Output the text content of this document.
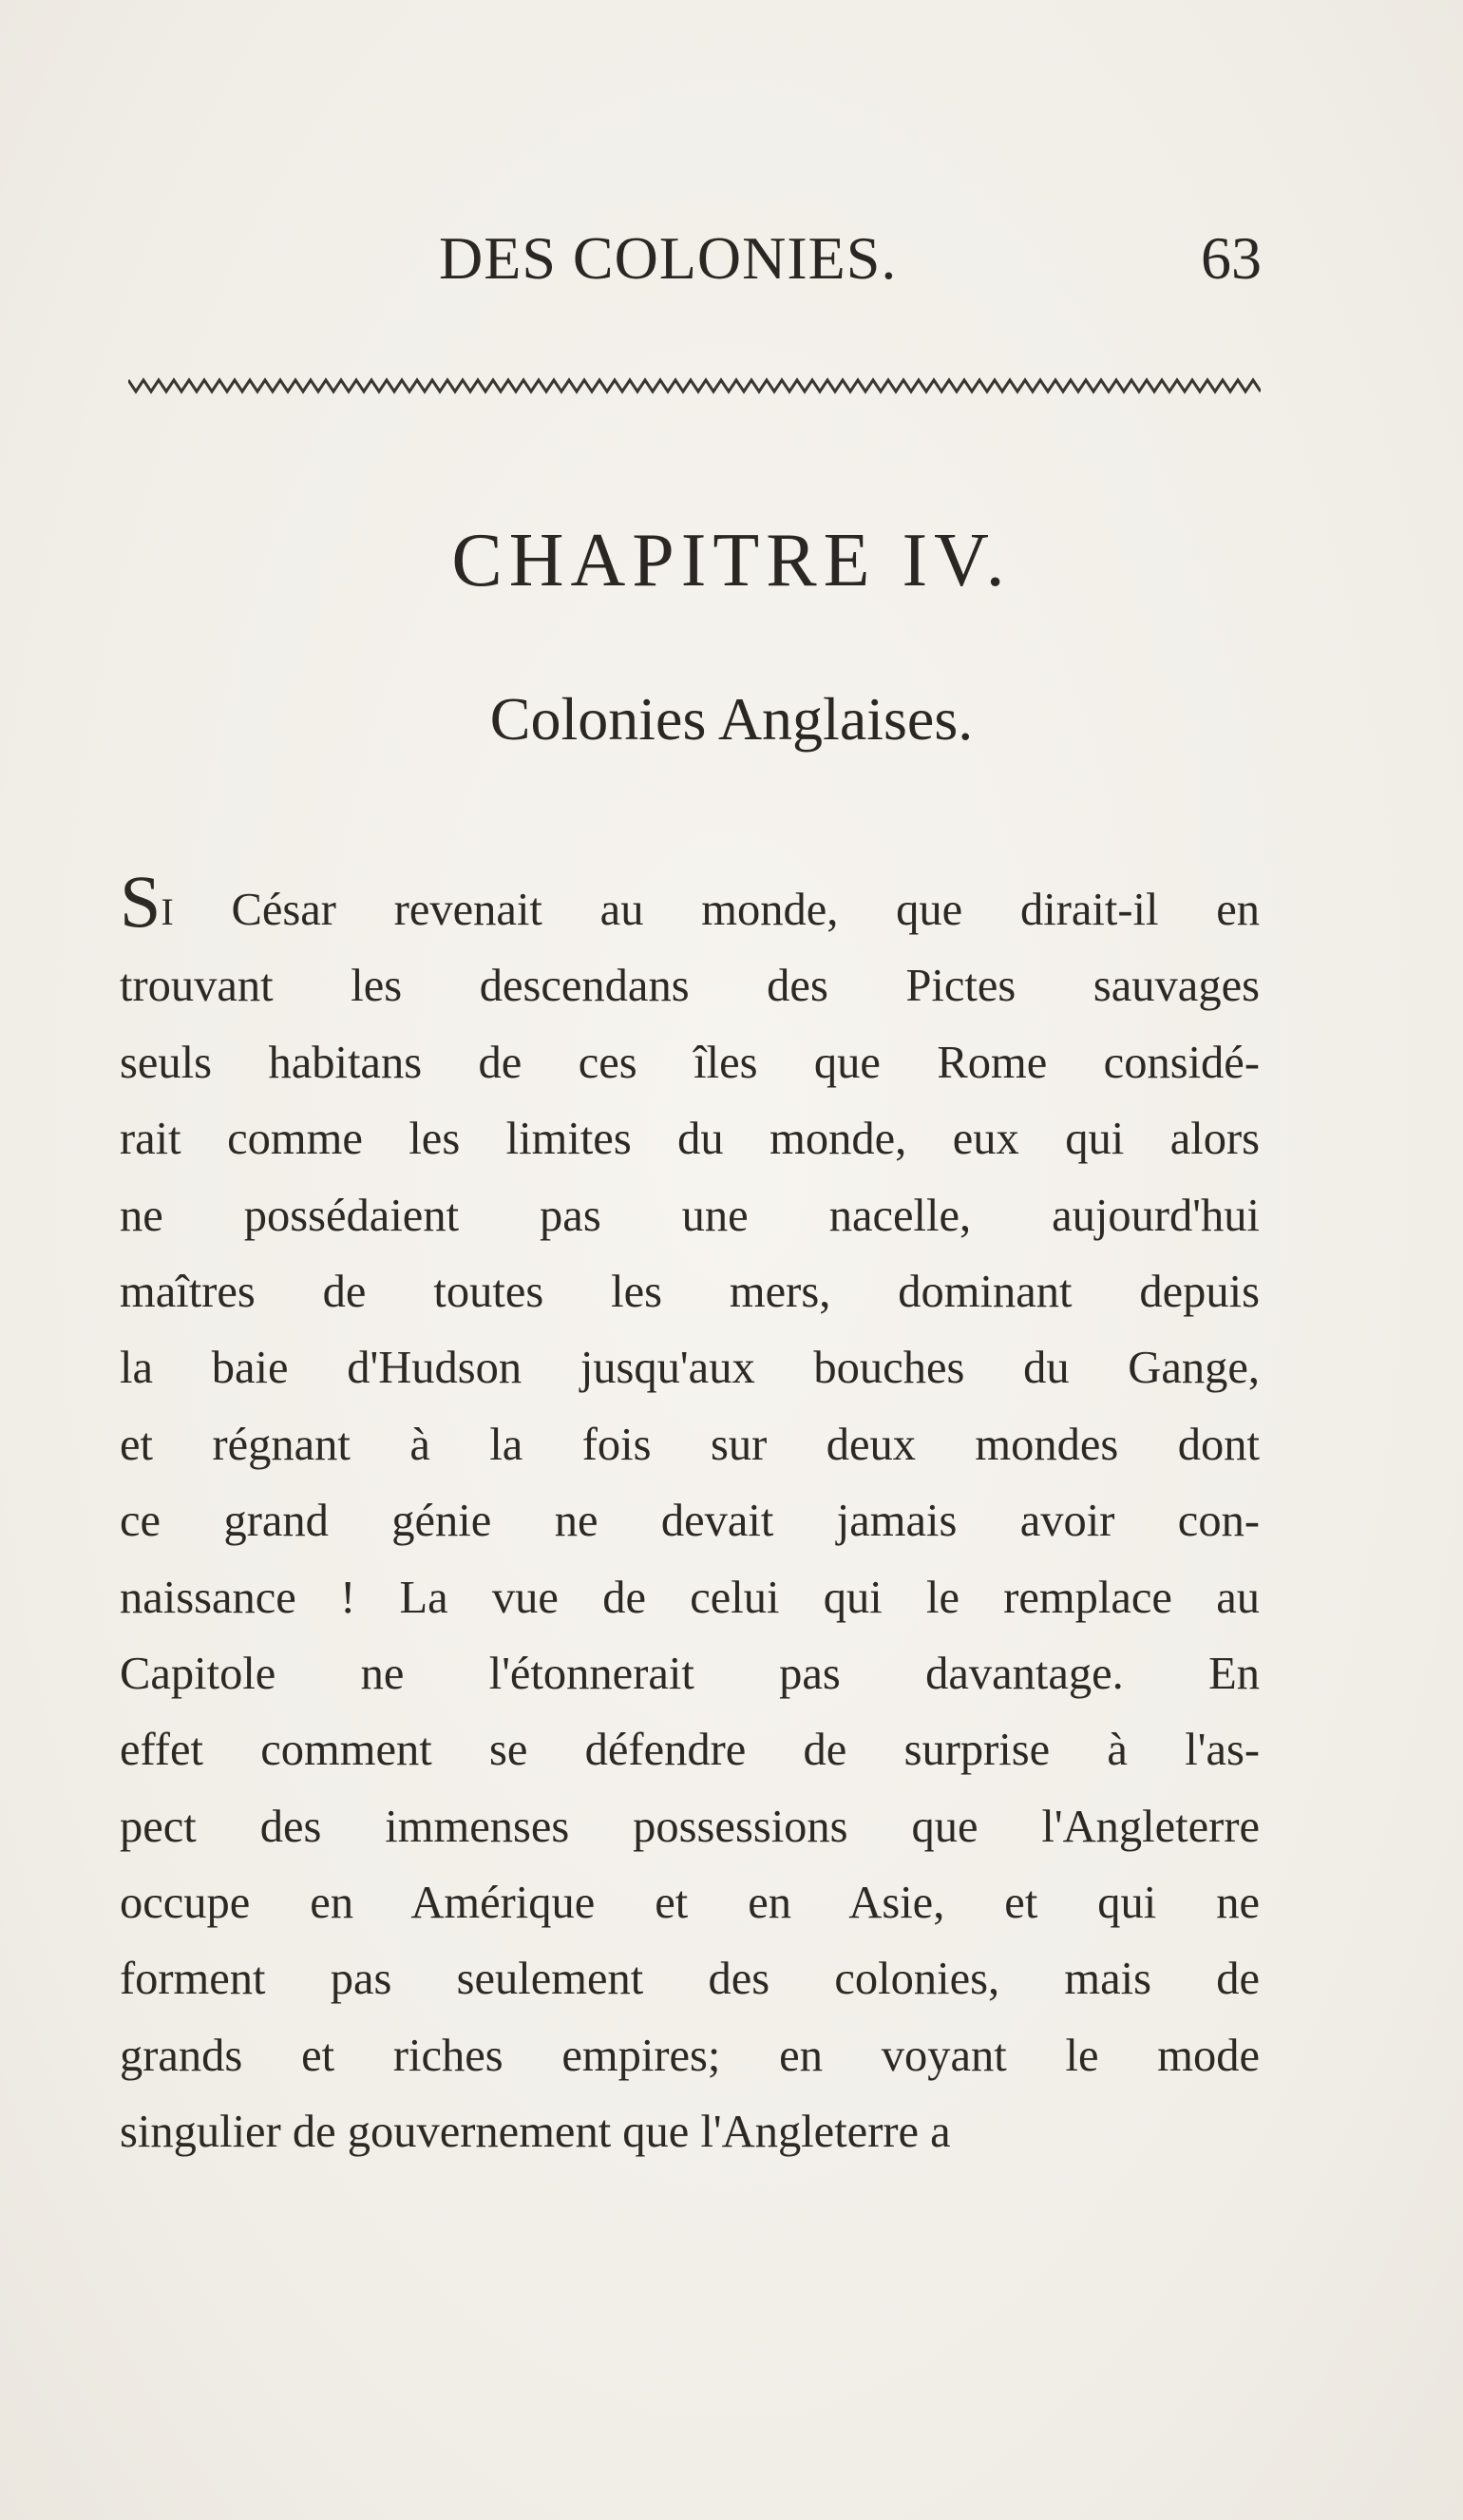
DES COLONIES.	63
CHAPITRE IV.
Colonies Anglaises.
SI César revenait au monde, que dirait-il en
trouvant les descendans des Pictes sauvages
seuls habitans de ces îles que Rome considé-
rait comme les limites du monde, eux qui alors
ne possédaient pas une nacelle, aujourd'hui
maîtres de toutes les mers, dominant depuis
la baie d'Hudson jusqu'aux bouches du Gange,
et régnant à la fois sur deux mondes dont
ce grand génie ne devait jamais avoir con-
naissance ! La vue de celui qui le remplace au
Capitole ne l'étonnerait pas davantage. En
effet comment se défendre de surprise à l'as-
pect des immenses possessions que l'Angleterre
occupe en Amérique et en Asie, et qui ne
forment pas seulement des colonies, mais de
grands et riches empires; en voyant le mode
singulier de gouvernement que l'Angleterre a
